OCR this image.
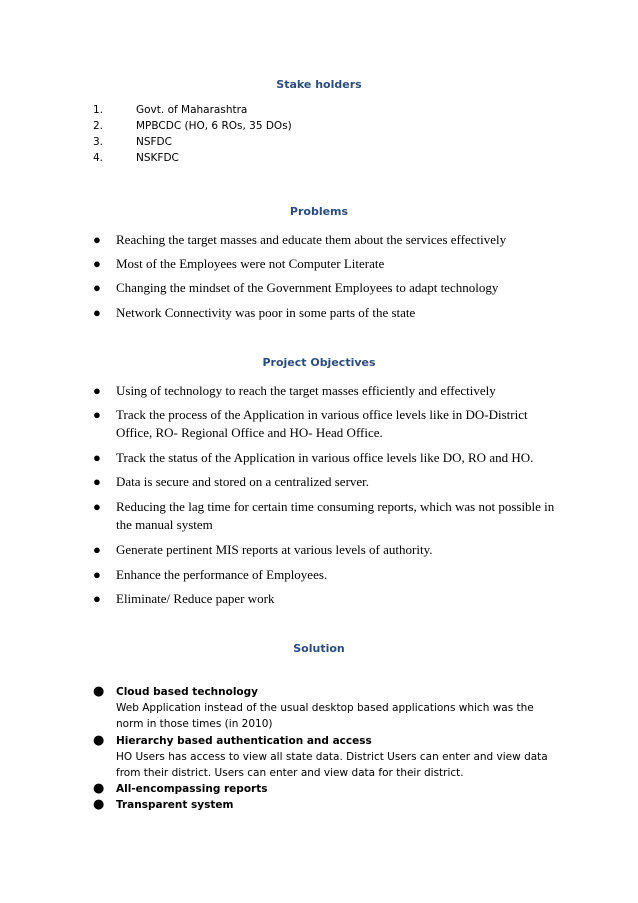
Stake holders
1.	Govt. of Maharashtra
2.	MPBCDC (HO, 6 ROs, 35 DOs)
3.	NSFDC
4.	NSKFDC
Problems
● Reaching the target masses and educate them about the services effectively
● Most of the Employees were not Computer Literate
● Changing the mindset of the Government Employees to adapt technology
● Network Connectivity was poor in some parts of the state
Project Objectives
● Using of technology to reach the target masses efficiently and effectively
● Track the process of the Application in various office levels like in DO-District Office, RO- Regional Office and HO- Head Office.
● Track the status of the Application in various office levels like DO, RO and HO.
● Data is secure and stored on a centralized server.
● Reducing the lag time for certain time consuming reports, which was not possible in the manual system
● Generate pertinent MIS reports at various levels of authority.
● Enhance the performance of Employees.
● Eliminate/ Reduce paper work
Solution
● Cloud based technology
Web Application instead of the usual desktop based applications which was the norm in those times (in 2010)
● Hierarchy based authentication and access
HO Users has access to view all state data. District Users can enter and view data from their district. Users can enter and view data for their district.
● All-encompassing reports
● Transparent system
